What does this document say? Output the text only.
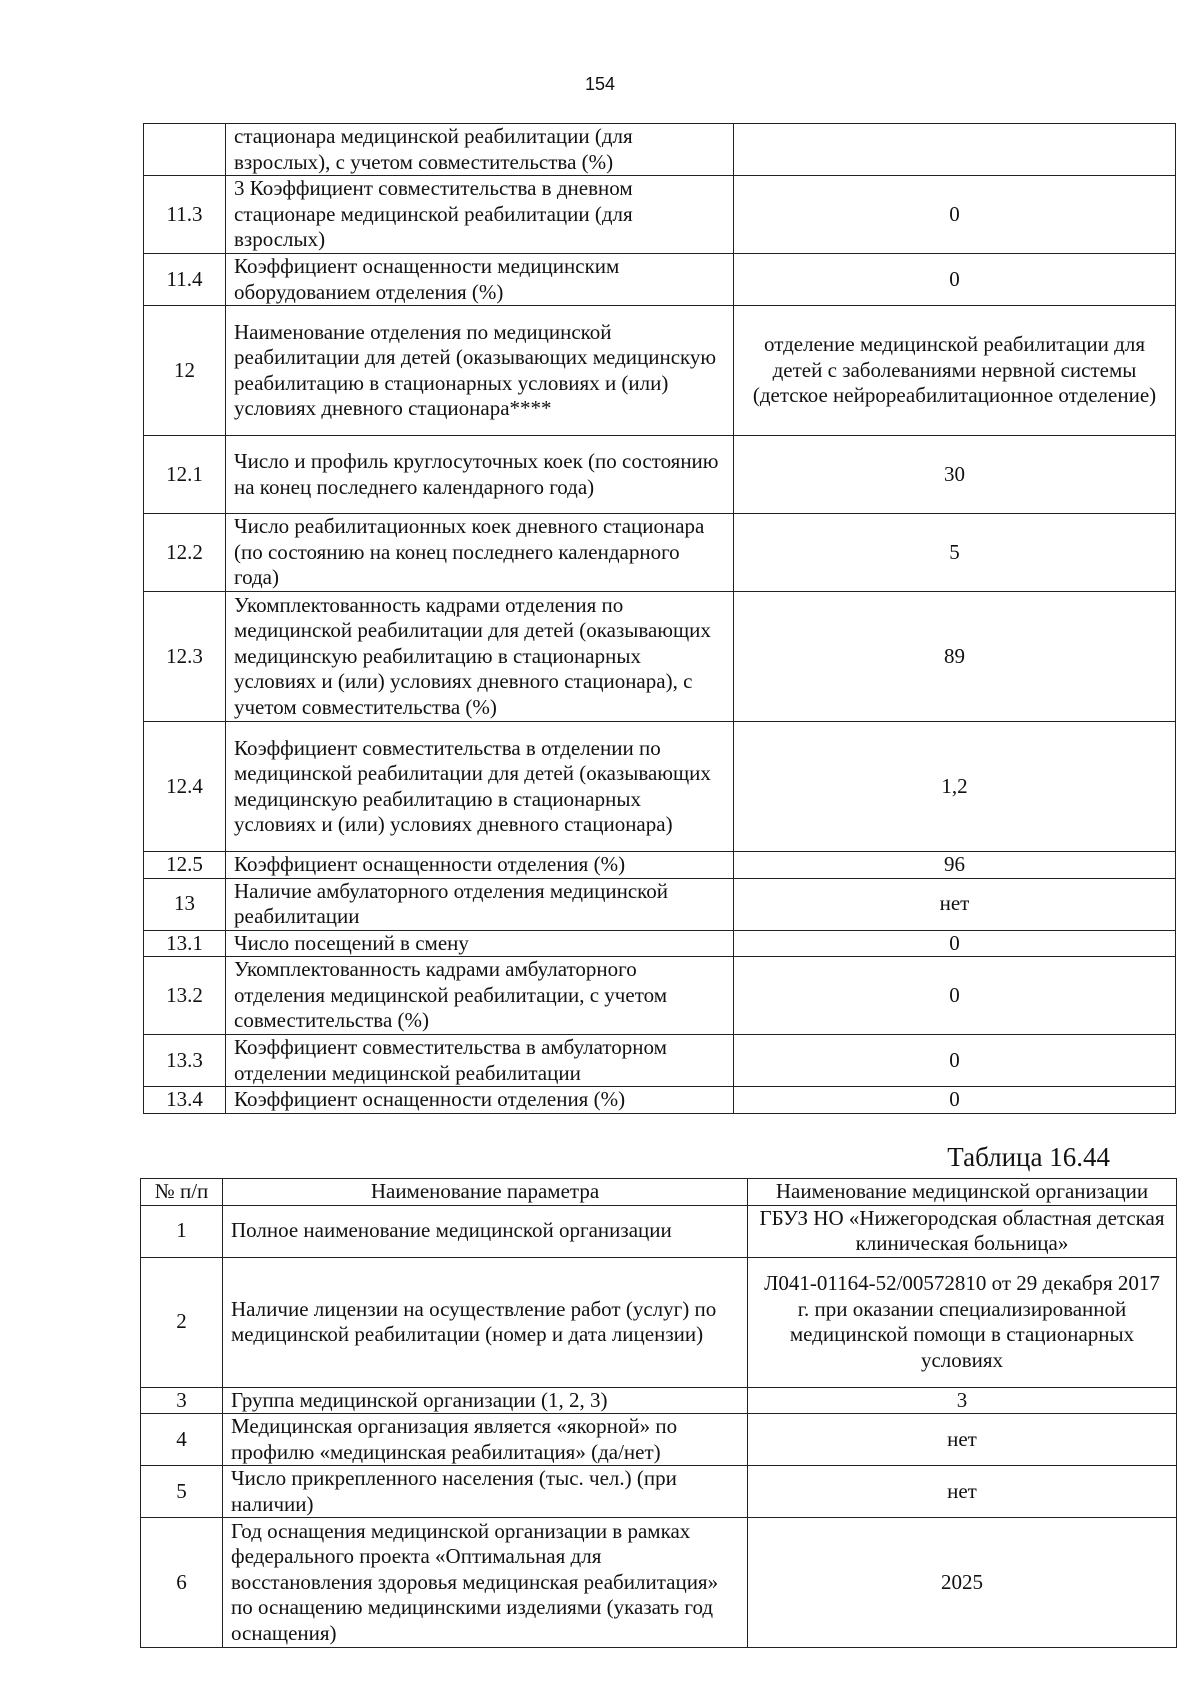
154
	стационара медицинской реабилитации (для взрослых), с учетом совместительства (%)	
11.3	3 Коэффициент совместительства в дневном стационаре медицинской реабилитации (для взрослых)	0
11.4	Коэффициент оснащенности медицинским оборудованием отделения (%)	0
12	Наименование отделения по медицинской реабилитации для детей (оказывающих медицинскую реабилитацию в стационарных условиях и (или) условиях дневного стационара****	отделение медицинской реабилитации для детей с заболеваниями нервной системы (детское нейрореабилитационное отделение)
12.1	Число и профиль круглосуточных коек (по состоянию на конец последнего календарного года)	30
12.2	Число реабилитационных коек дневного стационара (по состоянию на конец последнего календарного года)	5
12.3	Укомплектованность кадрами отделения по медицинской реабилитации для детей (оказывающих медицинскую реабилитацию в стационарных условиях и (или) условиях дневного стационара), с учетом совместительства (%)	89
12.4	Коэффициент совместительства в отделении по медицинской реабилитации для детей (оказывающих медицинскую реабилитацию в стационарных условиях и (или) условиях дневного стационара)	1,2
12.5	Коэффициент оснащенности отделения (%)	96
13	Наличие амбулаторного отделения медицинской реабилитации	нет
13.1	Число посещений в смену	0
13.2	Укомплектованность кадрами амбулаторного отделения медицинской реабилитации, с учетом совместительства (%)	0
13.3	Коэффициент совместительства в амбулаторном отделении медицинской реабилитации	0
13.4	Коэффициент оснащенности отделения (%)	0
Таблица 16.44
№ п/п	Наименование параметра	Наименование медицинской организации
1	Полное наименование медицинской организации	ГБУЗ НО «Нижегородская областная детская клиническая больница»
2	Наличие лицензии на осуществление работ (услуг) по медицинской реабилитации (номер и дата лицензии)	Л041-01164-52/00572810 от 29 декабря 2017 г. при оказании специализированной медицинской помощи в стационарных условиях
3	Группа медицинской организации (1, 2, 3)	3
4	Медицинская организация является «якорной» по профилю «медицинская реабилитация» (да/нет)	нет
5	Число прикрепленного населения (тыс. чел.) (при наличии)	нет
6	Год оснащения медицинской организации в рамках федерального проекта «Оптимальная для восстановления здоровья медицинская реабилитация» по оснащению медицинскими изделиями (указать год оснащения)	2025
